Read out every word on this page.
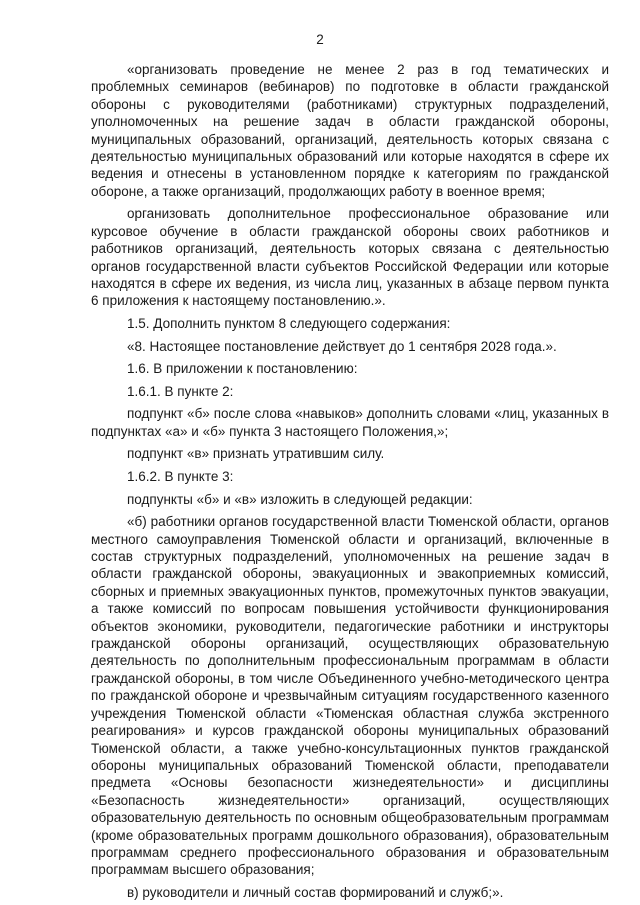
2

«организовать проведение не менее 2 раз в год тематических и проблемных семинаров (вебинаров) по подготовке в области гражданской обороны с руководителями (работниками) структурных подразделений, уполномоченных на решение задач в области гражданской обороны, муниципальных образований, организаций, деятельность которых связана с деятельностью муниципальных образований или которые находятся в сфере их ведения и отнесены в установленном порядке к категориям по гражданской обороне, а также организаций, продолжающих работу в военное время;

организовать дополнительное профессиональное образование или курсовое обучение в области гражданской обороны своих работников и работников организаций, деятельность которых связана с деятельностью органов государственной власти субъектов Российской Федерации или которые находятся в сфере их ведения, из числа лиц, указанных в абзаце первом пункта 6 приложения к настоящему постановлению.».

1.5. Дополнить пунктом 8 следующего содержания:

«8. Настоящее постановление действует до 1 сентября 2028 года.».

1.6. В приложении к постановлению:

1.6.1. В пункте 2:

подпункт «б» после слова «навыков» дополнить словами «лиц, указанных в подпунктах «а» и «б» пункта 3 настоящего Положения,»;

подпункт «в» признать утратившим силу.

1.6.2. В пункте 3:

подпункты «б» и «в» изложить в следующей редакции:

«б) работники органов государственной власти Тюменской области, органов местного самоуправления Тюменской области и организаций, включенные в состав структурных подразделений, уполномоченных на решение задач в области гражданской обороны, эвакуационных и эвакоприемных комиссий, сборных и приемных эвакуационных пунктов, промежуточных пунктов эвакуации, а также комиссий по вопросам повышения устойчивости функционирования объектов экономики, руководители, педагогические работники и инструкторы гражданской обороны организаций, осуществляющих образовательную деятельность по дополнительным профессиональным программам в области гражданской обороны, в том числе Объединенного учебно-методического центра по гражданской обороне и чрезвычайным ситуациям государственного казенного учреждения Тюменской области «Тюменская областная служба экстренного реагирования» и курсов гражданской обороны муниципальных образований Тюменской области, а также учебно-консультационных пунктов гражданской обороны муниципальных образований Тюменской области, преподаватели предмета «Основы безопасности жизнедеятельности» и дисциплины «Безопасность жизнедеятельности» организаций, осуществляющих образовательную деятельность по основным общеобразовательным программам (кроме образовательных программ дошкольного образования), образовательным программам среднего профессионального образования и образовательным программам высшего образования;

в) руководители и личный состав формирований и служб;».
